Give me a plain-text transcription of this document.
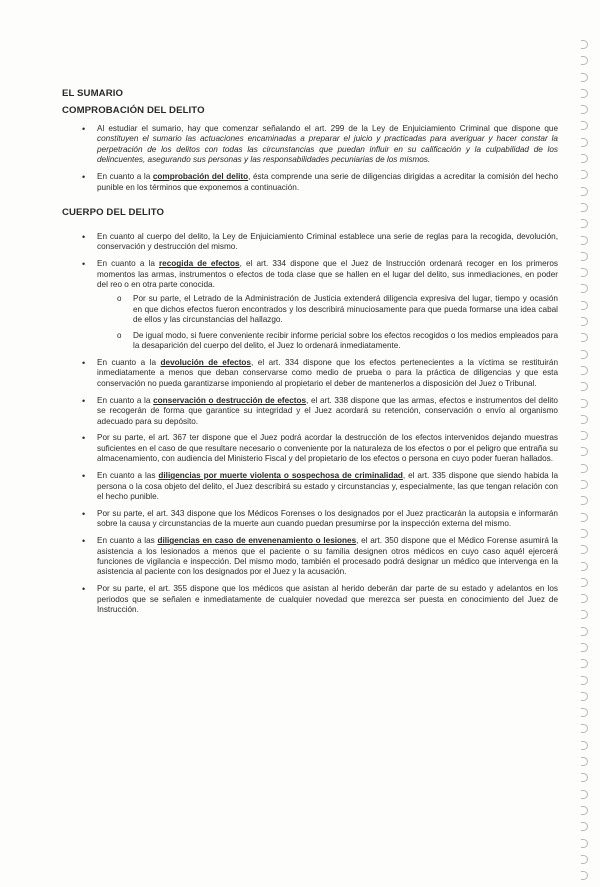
EL SUMARIO
COMPROBACIÓN DEL DELITO
• Al estudiar el sumario, hay que comenzar señalando el art. 299 de la Ley de Enjuiciamiento Criminal que dispone que constituyen el sumario las actuaciones encaminadas a preparar el juicio y practicadas para averiguar y hacer constar la perpetración de los delitos con todas las circunstancias que puedan influir en su calificación y la culpabilidad de los delincuentes, asegurando sus personas y las responsabilidades pecuniarias de los mismos.
• En cuanto a la comprobación del delito, ésta comprende una serie de diligencias dirigidas a acreditar la comisión del hecho punible en los términos que exponemos a continuación.
CUERPO DEL DELITO
• En cuanto al cuerpo del delito, la Ley de Enjuiciamiento Criminal establece una serie de reglas para la recogida, devolución, conservación y destrucción del mismo.
• En cuanto a la recogida de efectos, el art. 334 dispone que el Juez de Instrucción ordenará recoger en los primeros momentos las armas, instrumentos o efectos de toda clase que se hallen en el lugar del delito, sus inmediaciones, en poder del reo o en otra parte conocida.
o Por su parte, el Letrado de la Administración de Justicia extenderá diligencia expresiva del lugar, tiempo y ocasión en que dichos efectos fueron encontrados y los describirá minuciosamente para que pueda formarse una idea cabal de ellos y las circunstancias del hallazgo.
o De igual modo, si fuere conveniente recibir informe pericial sobre los efectos recogidos o los medios empleados para la desaparición del cuerpo del delito, el Juez lo ordenará inmediatamente.
• En cuanto a la devolución de efectos, el art. 334 dispone que los efectos pertenecientes a la víctima se restituirán inmediatamente a menos que deban conservarse como medio de prueba o para la práctica de diligencias y que esta conservación no pueda garantizarse imponiendo al propietario el deber de mantenerlos a disposición del Juez o Tribunal.
• En cuanto a la conservación o destrucción de efectos, el art. 338 dispone que las armas, efectos e instrumentos del delito se recogerán de forma que garantice su integridad y el Juez acordará su retención, conservación o envío al organismo adecuado para su depósito.
• Por su parte, el art. 367 ter dispone que el Juez podrá acordar la destrucción de los efectos intervenidos dejando muestras suficientes en el caso de que resultare necesario o conveniente por la naturaleza de los efectos o por el peligro que entraña su almacenamiento, con audiencia del Ministerio Fiscal y del propietario de los efectos o persona en cuyo poder fueran hallados.
• En cuanto a las diligencias por muerte violenta o sospechosa de criminalidad, el art. 335 dispone que siendo habida la persona o la cosa objeto del delito, el Juez describirá su estado y circunstancias y, especialmente, las que tengan relación con el hecho punible.
• Por su parte, el art. 343 dispone que los Médicos Forenses o los designados por el Juez practicarán la autopsia e informarán sobre la causa y circunstancias de la muerte aun cuando puedan presumirse por la inspección externa del mismo.
• En cuanto a las diligencias en caso de envenenamiento o lesiones, el art. 350 dispone que el Médico Forense asumirá la asistencia a los lesionados a menos que el paciente o su familia designen otros médicos en cuyo caso aquél ejercerá funciones de vigilancia e inspección. Del mismo modo, también el procesado podrá designar un médico que intervenga en la asistencia al paciente con los designados por el Juez y la acusación.
• Por su parte, el art. 355 dispone que los médicos que asistan al herido deberán dar parte de su estado y adelantos en los periodos que se señalen e inmediatamente de cualquier novedad que merezca ser puesta en conocimiento del Juez de Instrucción.
